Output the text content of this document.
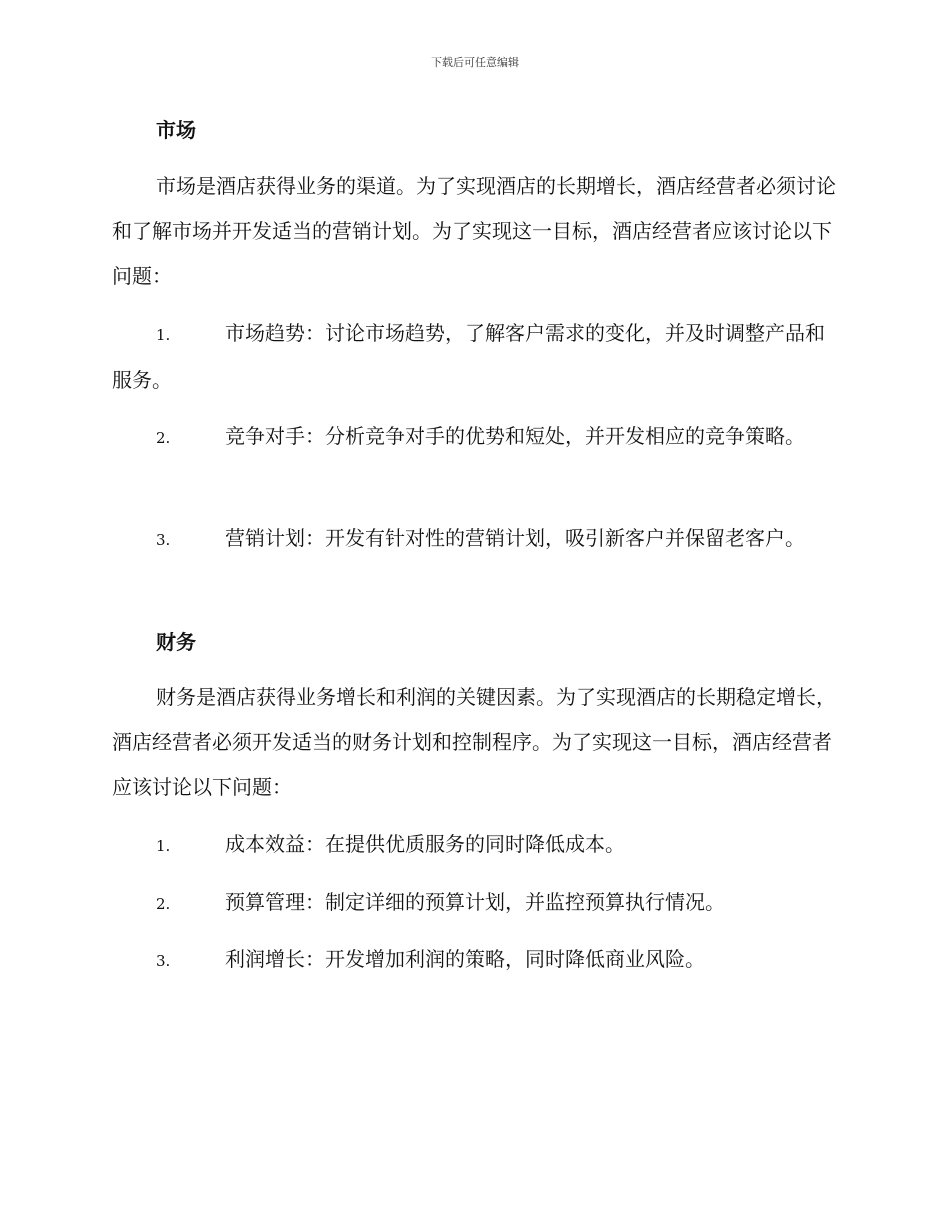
下载后可任意编辑
市场
市场是酒店获得业务的渠道。为了实现酒店的长期增长，酒店经营者必须讨论和了解市场并开发适当的营销计划。为了实现这一目标，酒店经营者应该讨论以下问题：
1.	市场趋势：讨论市场趋势，了解客户需求的变化，并及时调整产品和服务。
2.	竞争对手：分析竞争对手的优势和短处，并开发相应的竞争策略。
3.	营销计划：开发有针对性的营销计划，吸引新客户并保留老客户。
财务
财务是酒店获得业务增长和利润的关键因素。为了实现酒店的长期稳定增长，酒店经营者必须开发适当的财务计划和控制程序。为了实现这一目标，酒店经营者应该讨论以下问题：
1.	成本效益：在提供优质服务的同时降低成本。
2.	预算管理：制定详细的预算计划，并监控预算执行情况。
3.	利润增长：开发增加利润的策略，同时降低商业风险。
